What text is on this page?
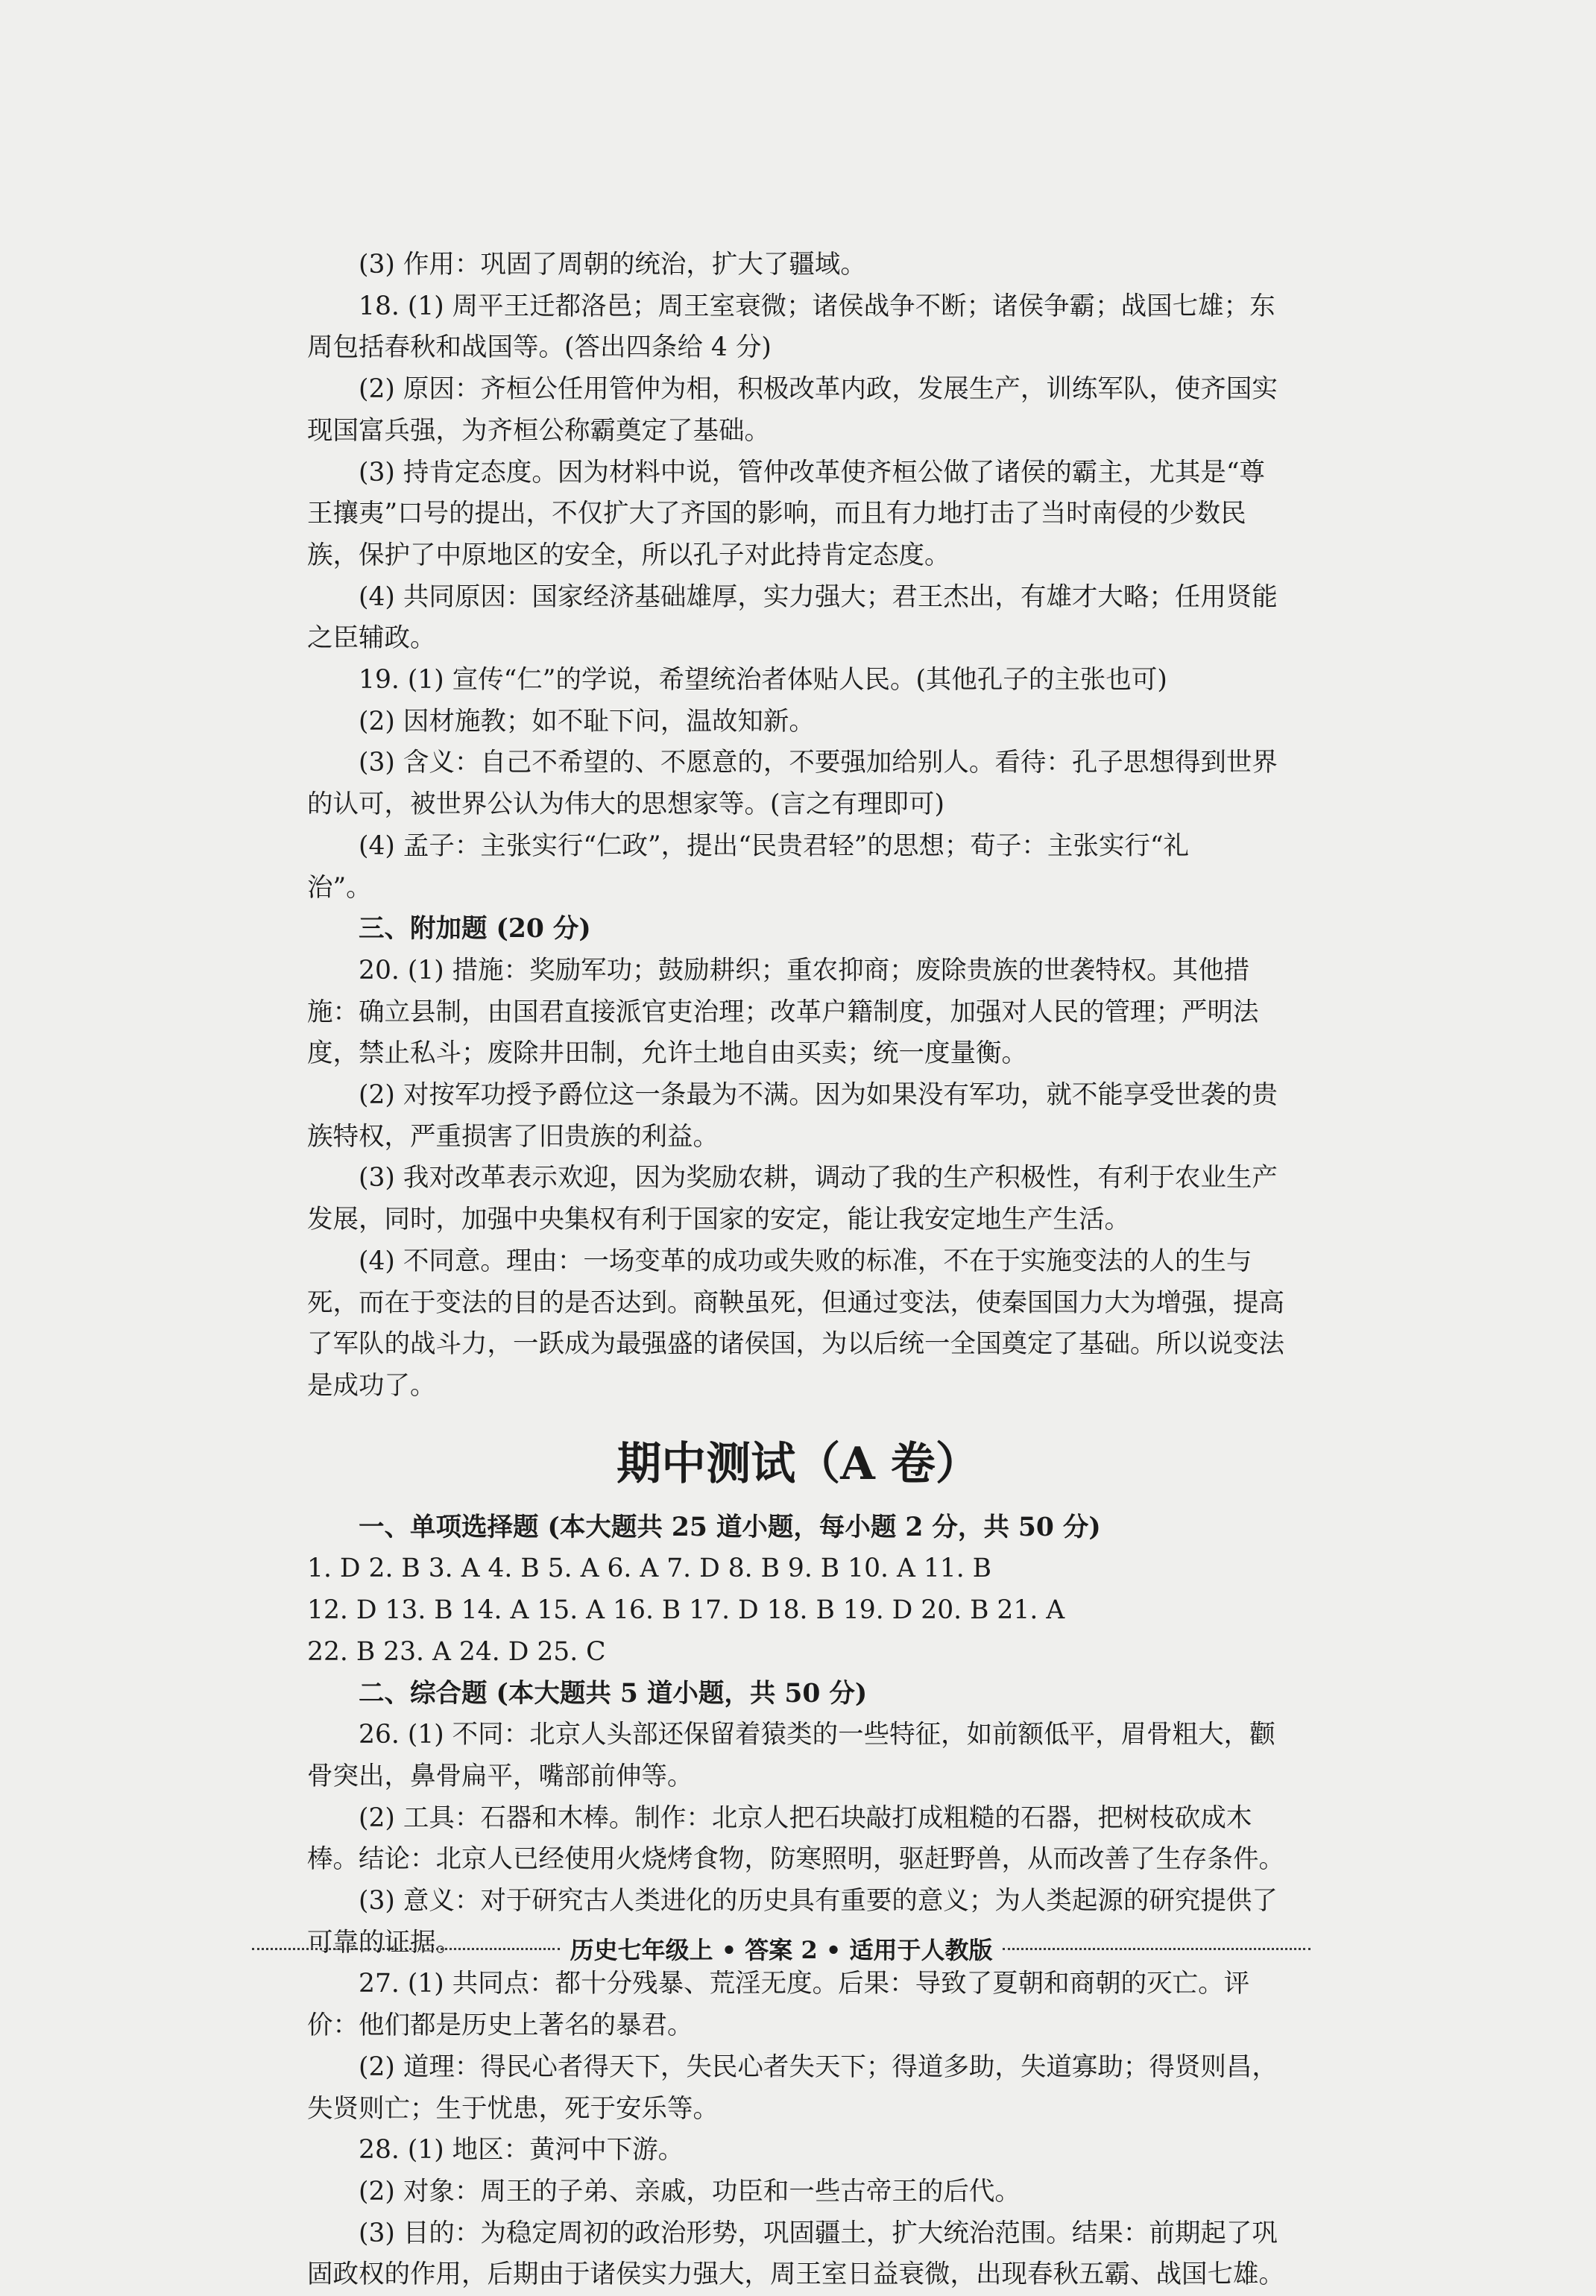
(3) 作用：巩固了周朝的统治，扩大了疆域。

18. (1) 周平王迁都洛邑；周王室衰微；诸侯战争不断；诸侯争霸；战国七雄；东

周包括春秋和战国等。(答出四条给 4 分)

(2) 原因：齐桓公任用管仲为相，积极改革内政，发展生产，训练军队，使齐国实

现国富兵强，为齐桓公称霸奠定了基础。

(3) 持肯定态度。因为材料中说，管仲改革使齐桓公做了诸侯的霸主，尤其是“尊

王攘夷”口号的提出，不仅扩大了齐国的影响，而且有力地打击了当时南侵的少数民

族，保护了中原地区的安全，所以孔子对此持肯定态度。

(4) 共同原因：国家经济基础雄厚，实力强大；君王杰出，有雄才大略；任用贤能

之臣辅政。

19. (1) 宣传“仁”的学说，希望统治者体贴人民。(其他孔子的主张也可)

(2) 因材施教；如不耻下问，温故知新。

(3) 含义：自己不希望的、不愿意的，不要强加给别人。看待：孔子思想得到世界

的认可，被世界公认为伟大的思想家等。(言之有理即可)

(4) 孟子：主张实行“仁政”，提出“民贵君轻”的思想；荀子：主张实行“礼

治”。

三、附加题 (20 分)

20. (1) 措施：奖励军功；鼓励耕织；重农抑商；废除贵族的世袭特权。其他措

施：确立县制，由国君直接派官吏治理；改革户籍制度，加强对人民的管理；严明法

度，禁止私斗；废除井田制，允许土地自由买卖；统一度量衡。

(2) 对按军功授予爵位这一条最为不满。因为如果没有军功，就不能享受世袭的贵

族特权，严重损害了旧贵族的利益。

(3) 我对改革表示欢迎，因为奖励农耕，调动了我的生产积极性，有利于农业生产

发展，同时，加强中央集权有利于国家的安定，能让我安定地生产生活。

(4) 不同意。理由：一场变革的成功或失败的标准，不在于实施变法的人的生与

死，而在于变法的目的是否达到。商鞅虽死，但通过变法，使秦国国力大为增强，提高

了军队的战斗力，一跃成为最强盛的诸侯国，为以后统一全国奠定了基础。所以说变法

是成功了。

期中测试（A 卷）

一、单项选择题 (本大题共 25 道小题，每小题 2 分，共 50 分)

1. D 2. B 3. A 4. B 5. A 6. A 7. D 8. B 9. B 10. A 11. B

12. D 13. B 14. A 15. A 16. B 17. D 18. B 19. D 20. B 21. A

22. B 23. A 24. D 25. C

二、综合题 (本大题共 5 道小题，共 50 分)

26. (1) 不同：北京人头部还保留着猿类的一些特征，如前额低平，眉骨粗大，颧

骨突出，鼻骨扁平，嘴部前伸等。

(2) 工具：石器和木棒。制作：北京人把石块敲打成粗糙的石器，把树枝砍成木

棒。结论：北京人已经使用火烧烤食物，防寒照明，驱赶野兽，从而改善了生存条件。

(3) 意义：对于研究古人类进化的历史具有重要的意义；为人类起源的研究提供了

可靠的证据。

27. (1) 共同点：都十分残暴、荒淫无度。后果：导致了夏朝和商朝的灭亡。评

价：他们都是历史上著名的暴君。

(2) 道理：得民心者得天下，失民心者失天下；得道多助，失道寡助；得贤则昌，

失贤则亡；生于忧患，死于安乐等。

28. (1) 地区：黄河中下游。

(2) 对象：周王的子弟、亲戚，功臣和一些古帝王的后代。

(3) 目的：为稳定周初的政治形势，巩固疆土，扩大统治范围。结果：前期起了巩

固政权的作用，后期由于诸侯实力强大，周王室日益衰微，出现春秋五霸、战国七雄。

历史七年级上 • 答案 2 • 适用于人教版
